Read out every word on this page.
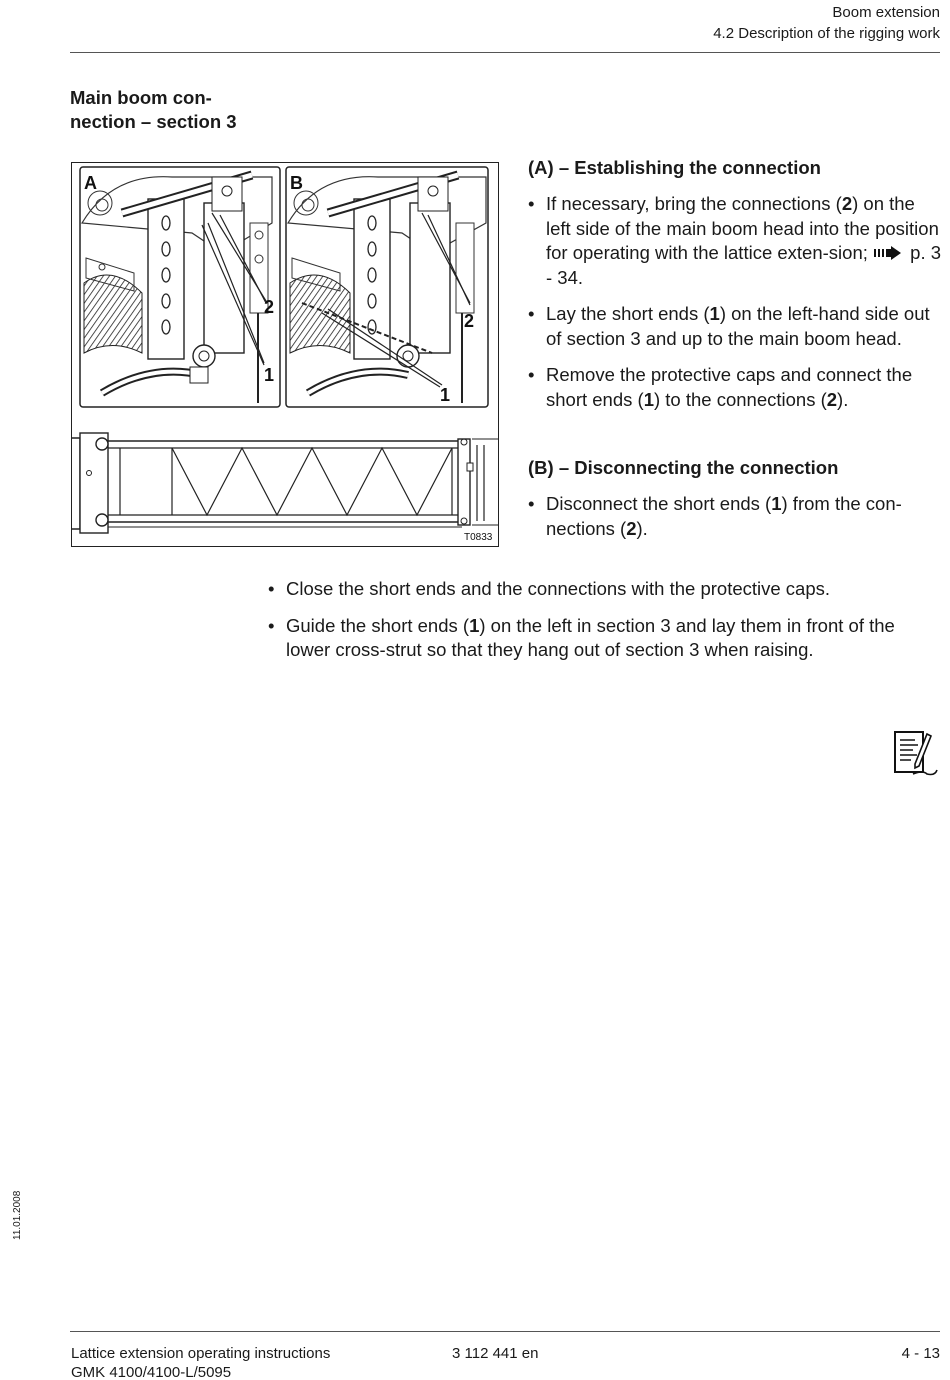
Boom extension
4.2 Description of the rigging work
Main boom con-
nection – section 3
A
2
1
B
2
1
T0833
(A) – Establishing the connection
• If necessary, bring the connections (2) on the left side of the main boom head into the position for operating with the lattice exten-sion;  p. 3 - 34.
• Lay the short ends (1) on the left-hand side out of section 3 and up to the main boom head.
• Remove the protective caps and connect the short ends (1) to the connections (2).
(B) – Disconnecting the connection
• Disconnect the short ends (1) from the con-nections (2).
• Close the short ends and the connections with the protective caps.
• Guide the short ends (1) on the left in section 3 and lay them in front of the lower cross-strut so that they hang out of section 3 when raising.
11.01.2008
Lattice extension operating instructions
GMK 4100/4100-L/5095
3 112 441 en	4 - 13
